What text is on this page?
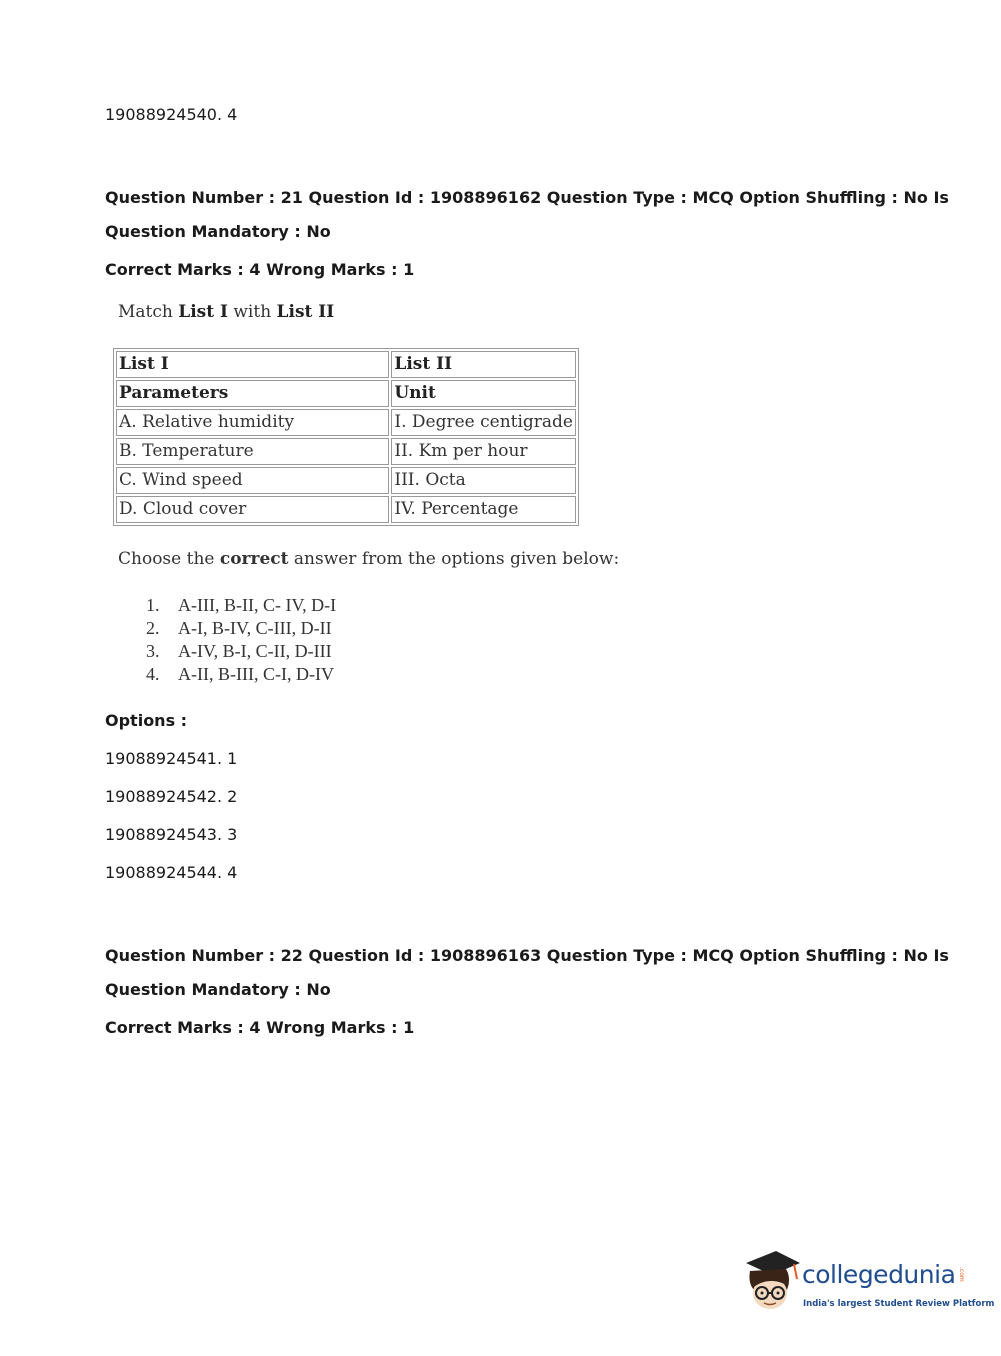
19088924540. 4
Question Number : 21 Question Id : 1908896162 Question Type : MCQ Option Shuffling : No Is
Question Mandatory : No
Correct Marks : 4 Wrong Marks : 1
Match List I with List II
List I	List II
Parameters	Unit
A. Relative humidity	I. Degree centigrade
B. Temperature	II. Km per hour
C. Wind speed	III. Octa
D. Cloud cover	IV. Percentage
Choose the correct answer from the options given below:
1. A-III, B-II, C- IV, D-I
2. A-I, B-IV, C-III, D-II
3. A-IV, B-I, C-II, D-III
4. A-II, B-III, C-I, D-IV
Options :
19088924541. 1
19088924542. 2
19088924543. 3
19088924544. 4
Question Number : 22 Question Id : 1908896163 Question Type : MCQ Option Shuffling : No Is
Question Mandatory : No
Correct Marks : 4 Wrong Marks : 1
collegedunia .com
India's largest Student Review Platform
